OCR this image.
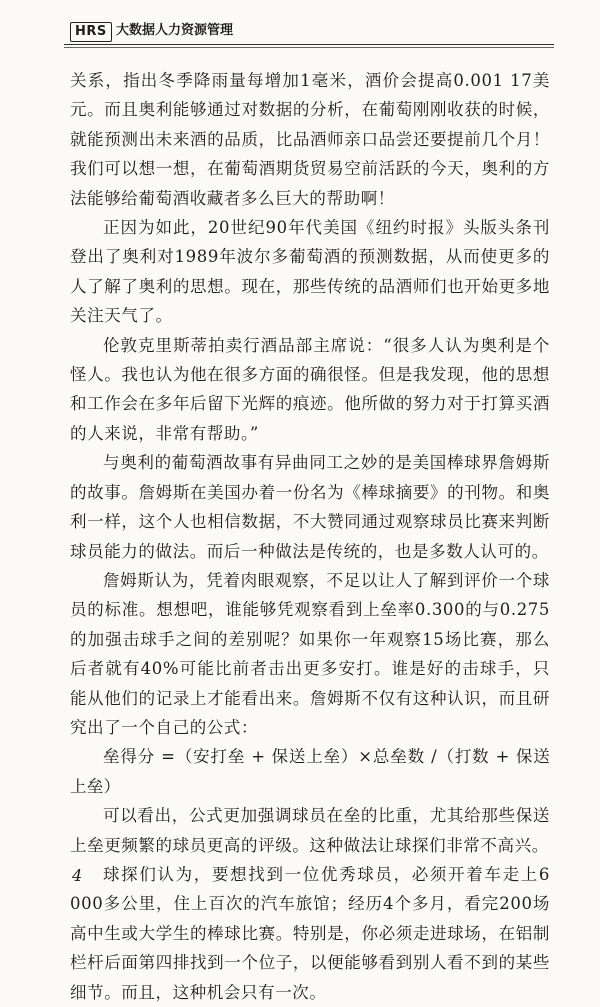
HRS 大数据人力资源管理

关系，指出冬季降雨量每增加1毫米，酒价会提高0.001 17美元。而且奥利能够通过对数据的分析，在葡萄刚刚收获的时候，就能预测出未来酒的品质，比品酒师亲口品尝还要提前几个月！我们可以想一想，在葡萄酒期货贸易空前活跃的今天，奥利的方法能够给葡萄酒收藏者多么巨大的帮助啊！

正因为如此，20世纪90年代美国《纽约时报》头版头条刊登出了奥利对1989年波尔多葡萄酒的预测数据，从而使更多的人了解了奥利的思想。现在，那些传统的品酒师们也开始更多地关注天气了。

伦敦克里斯蒂拍卖行酒品部主席说：“很多人认为奥利是个怪人。我也认为他在很多方面的确很怪。但是我发现，他的思想和工作会在多年后留下光辉的痕迹。他所做的努力对于打算买酒的人来说，非常有帮助。”

与奥利的葡萄酒故事有异曲同工之妙的是美国棒球界詹姆斯的故事。詹姆斯在美国办着一份名为《棒球摘要》的刊物。和奥利一样，这个人也相信数据，不大赞同通过观察球员比赛来判断球员能力的做法。而后一种做法是传统的，也是多数人认可的。

詹姆斯认为，凭着肉眼观察，不足以让人了解到评价一个球员的标准。想想吧，谁能够凭观察看到上垒率0.300的与0.275的加强击球手之间的差别呢？如果你一年观察15场比赛，那么后者就有40%可能比前者击出更多安打。谁是好的击球手，只能从他们的记录上才能看出来。詹姆斯不仅有这种认识，而且研究出了一个自己的公式：

垒得分 =（安打垒 + 保送上垒）×总垒数 /（打数 + 保送上垒）

可以看出，公式更加强调球员在垒的比重，尤其给那些保送上垒更频繁的球员更高的评级。这种做法让球探们非常不高兴。

球探们认为，要想找到一位优秀球员，必须开着车走上6 000多公里，住上百次的汽车旅馆；经历4个多月，看完200场高中生或大学生的棒球比赛。特别是，你必须走进球场，在铝制栏杆后面第四排找到一个位子，以便能够看到别人看不到的某些细节。而且，这种机会只有一次。

4
